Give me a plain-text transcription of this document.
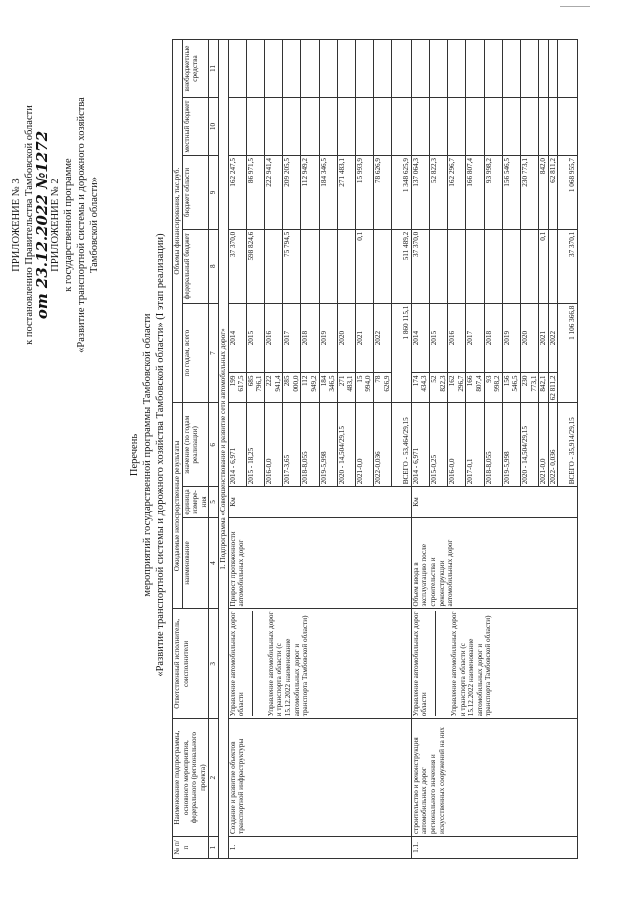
ПРИЛОЖЕНИЕ № 3 к постановлению Правительства Тамбовской области
от 23.12.2022 №1272 ПРИЛОЖЕНИЕ № 2 к государственной программе «Развитие транспортной системы и дорожного хозяйства Тамбовской области»
Перечень мероприятий государственной программы Тамбовской области «Развитие транспортной системы и дорожного хозяйства Тамбовской области» (I этап реализации)
№ п/п	Наименование подпрограммы, основного мероприятия, федерального (регионального проекта)	Ответственный исполнитель, соисполнители	Ожидаемые непосредственные результаты			Объемы финансирования, тыс.руб.					
			наименование	единица измере-ния	значение (по годам реализации)	по годам, всего		федеральный бюджет	бюджет области	местный бюджет	внебюджетные средства
1	2	3	4	5	6	7		8	9	10	11
1. Подпрограмма «Совершенствование и развитие сети автомобильных дорог»											
1.	Создание и развитие объектов транспортной инфраструктуры	Управление автомобильных дорог области Управление автомобильных дорог и транспорта области (с 15.12.2022 наименование автомобильных дорог и транспорта Тамбовской области)	Прирост протяженности автомобильных дорог	Км	2014 - 6,971	199 617,5	2014	37 370,0	162 247,5		
					2015 - 18,25	685 796,1	2015	598 824,6	86 971,5		
					2016-0,0	222 941,4	2016		222 941,4		
					2017-3,65	285 000,0	2017	75 794,5	209 205,5		
					2018-8,055	112 949,2	2018		112 949,2		
					2019-5,998	184 346,5	2019		184 346,5		
					2020 - 14,504/29,15	271 483,1	2020		271 483,1		
					2021-0,0	15 994,0	2021	0,1	15 993,9		
					2022-0,036	78 626,9	2022		78 626,9		
					ВСЕГО - 53,464/29,15	1 860 115,1		511 489,2	1 348 625,9		
1.1.	строительство и реконструкция автомобильных дорог регионального значения и искусственных сооружений на них	Управление автомобильных дорог области Управление автомобильных дорог и транспорта области (с 15.12.2022 наименование автомобильных дорог и транспорта Тамбовской области)	Объем ввода в эксплуатацию после строительства и реконструкции автомобильных дорог	Км	2014 - 6,971	174 434,3	2014	37 370,0	137 064,3		
					2015-0,25	52 822,3	2015		52 822,3		
					2016-0,0	162 296,7	2016		162 296,7		
					2017-0,1	166 807,4	2017		166 807,4		
					2018-8,055	93 998,2	2018		93 998,2		
					2019-5,998	156 546,5	2019		156 546,5		
					2020 - 14,504/29,15	230 773,1	2020		230 773,1		
					2021-0,0	842,1	2021	0,1	842,0		
					2022- 0,036	62 811,2	2022		62 811,2		
					ВСЕГО - 35,914/29,15	1 106 366,8		37 370,1	1 068 955,7		
